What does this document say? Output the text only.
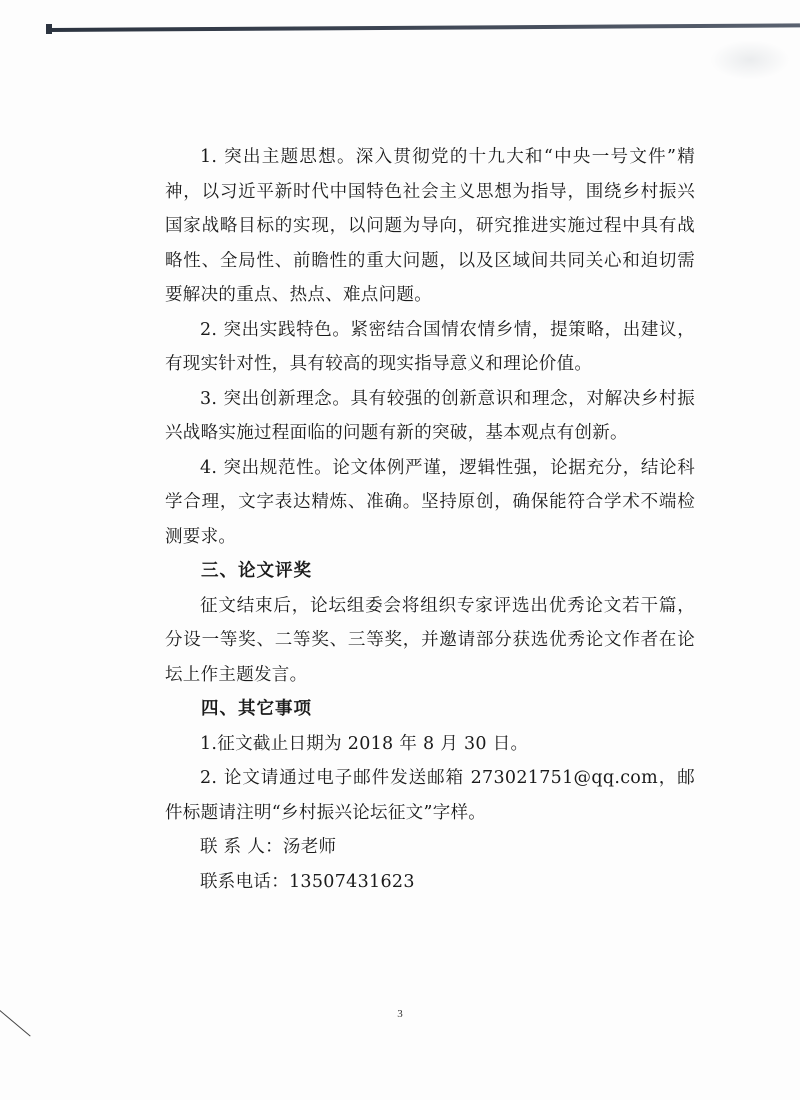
1. 突出主题思想。深入贯彻党的十九大和“中央一号文件”精神，以习近平新时代中国特色社会主义思想为指导，围绕乡村振兴国家战略目标的实现，以问题为导向，研究推进实施过程中具有战略性、全局性、前瞻性的重大问题，以及区域间共同关心和迫切需要解决的重点、热点、难点问题。

2. 突出实践特色。紧密结合国情农情乡情，提策略，出建议，有现实针对性，具有较高的现实指导意义和理论价值。

3. 突出创新理念。具有较强的创新意识和理念，对解决乡村振兴战略实施过程面临的问题有新的突破，基本观点有创新。

4. 突出规范性。论文体例严谨，逻辑性强，论据充分，结论科学合理，文字表达精炼、准确。坚持原创，确保能符合学术不端检测要求。

三、论文评奖

征文结束后，论坛组委会将组织专家评选出优秀论文若干篇，分设一等奖、二等奖、三等奖，并邀请部分获选优秀论文作者在论坛上作主题发言。

四、其它事项

1.征文截止日期为 2018 年 8 月 30 日。

2. 论文请通过电子邮件发送邮箱 273021751@qq.com，邮件标题请注明“乡村振兴论坛征文”字样。

联 系 人：汤老师

联系电话：13507431623

3
